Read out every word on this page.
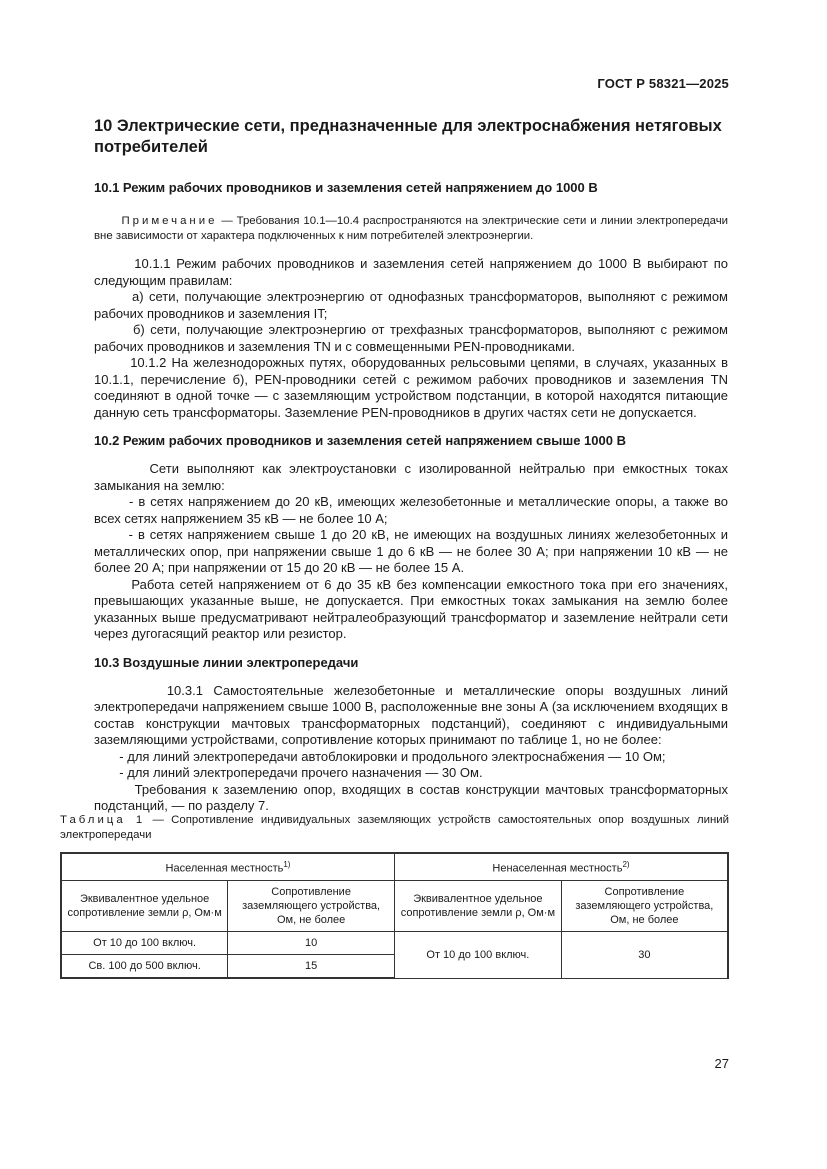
ГОСТ Р 58321—2025
10 Электрические сети, предназначенные для электроснабжения нетяговых потребителей
10.1 Режим рабочих проводников и заземления сетей напряжением до 1000 В

Примечание — Требования 10.1—10.4 распространяются на электрические сети и линии электропередачи вне зависимости от характера подключенных к ним потребителей электроэнергии.

10.1.1 Режим рабочих проводников и заземления сетей напряжением до 1000 В выбирают по следующим правилам:

а) сети, получающие электроэнергию от однофазных трансформаторов, выполняют с режимом рабочих проводников и заземления IT;

б) сети, получающие электроэнергию от трехфазных трансформаторов, выполняют с режимом рабочих проводников и заземления TN и с совмещенными PEN-проводниками.

10.1.2 На железнодорожных путях, оборудованных рельсовыми цепями, в случаях, указанных в 10.1.1, перечисление б), PEN-проводники сетей с режимом рабочих проводников и заземления TN соединяют в одной точке — с заземляющим устройством подстанции, в которой находятся питающие данную сеть трансформаторы. Заземление PEN-проводников в других частях сети не допускается.

10.2 Режим рабочих проводников и заземления сетей напряжением свыше 1000 В

Сети выполняют как электроустановки с изолированной нейтралью при емкостных токах замыкания на землю:

- в сетях напряжением до 20 кВ, имеющих железобетонные и металлические опоры, а также во всех сетях напряжением 35 кВ — не более 10 А;

- в сетях напряжением свыше 1 до 20 кВ, не имеющих на воздушных линиях железобетонных и металлических опор, при напряжении свыше 1 до 6 кВ — не более 30 А; при напряжении 10 кВ — не более 20 А; при напряжении от 15 до 20 кВ — не более 15 А.

Работа сетей напряжением от 6 до 35 кВ без компенсации емкостного тока при его значениях, превышающих указанные выше, не допускается. При емкостных токах замыкания на землю более указанных выше предусматривают нейтралеобразующий трансформатор и заземление нейтрали сети через дугогасящий реактор или резистор.

10.3 Воздушные линии электропередачи

10.3.1 Самостоятельные железобетонные и металлические опоры воздушных линий электропередачи напряжением свыше 1000 В, расположенные вне зоны А (за исключением входящих в состав конструкции мачтовых трансформаторных подстанций), соединяют с индивидуальными заземляющими устройствами, сопротивление которых принимают по таблице 1, но не более:

- для линий электропередачи автоблокировки и продольного электроснабжения — 10 Ом;

- для линий электропередачи прочего назначения — 30 Ом.

Требования к заземлению опор, входящих в состав конструкции мачтовых трансформаторных подстанций, — по разделу 7.

Таблица 1 — Сопротивление индивидуальных заземляющих устройств самостоятельных опор воздушных линий электропередачи

Населенная местность$^{1)}$		Ненаселенная местность$^{2)}$
Эквивалентное удельное сопротивление земли ρ, Ом·м	Сопротивление заземляющего устройства, Ом, не более	Эквивалентное удельное сопротивление земли ρ, Ом·м	Сопротивление заземляющего устройства, Ом, не более
От 10 до 100 включ.	10	От 10 до 100 включ.	30
Св. 100 до 500 включ.	15		
27
